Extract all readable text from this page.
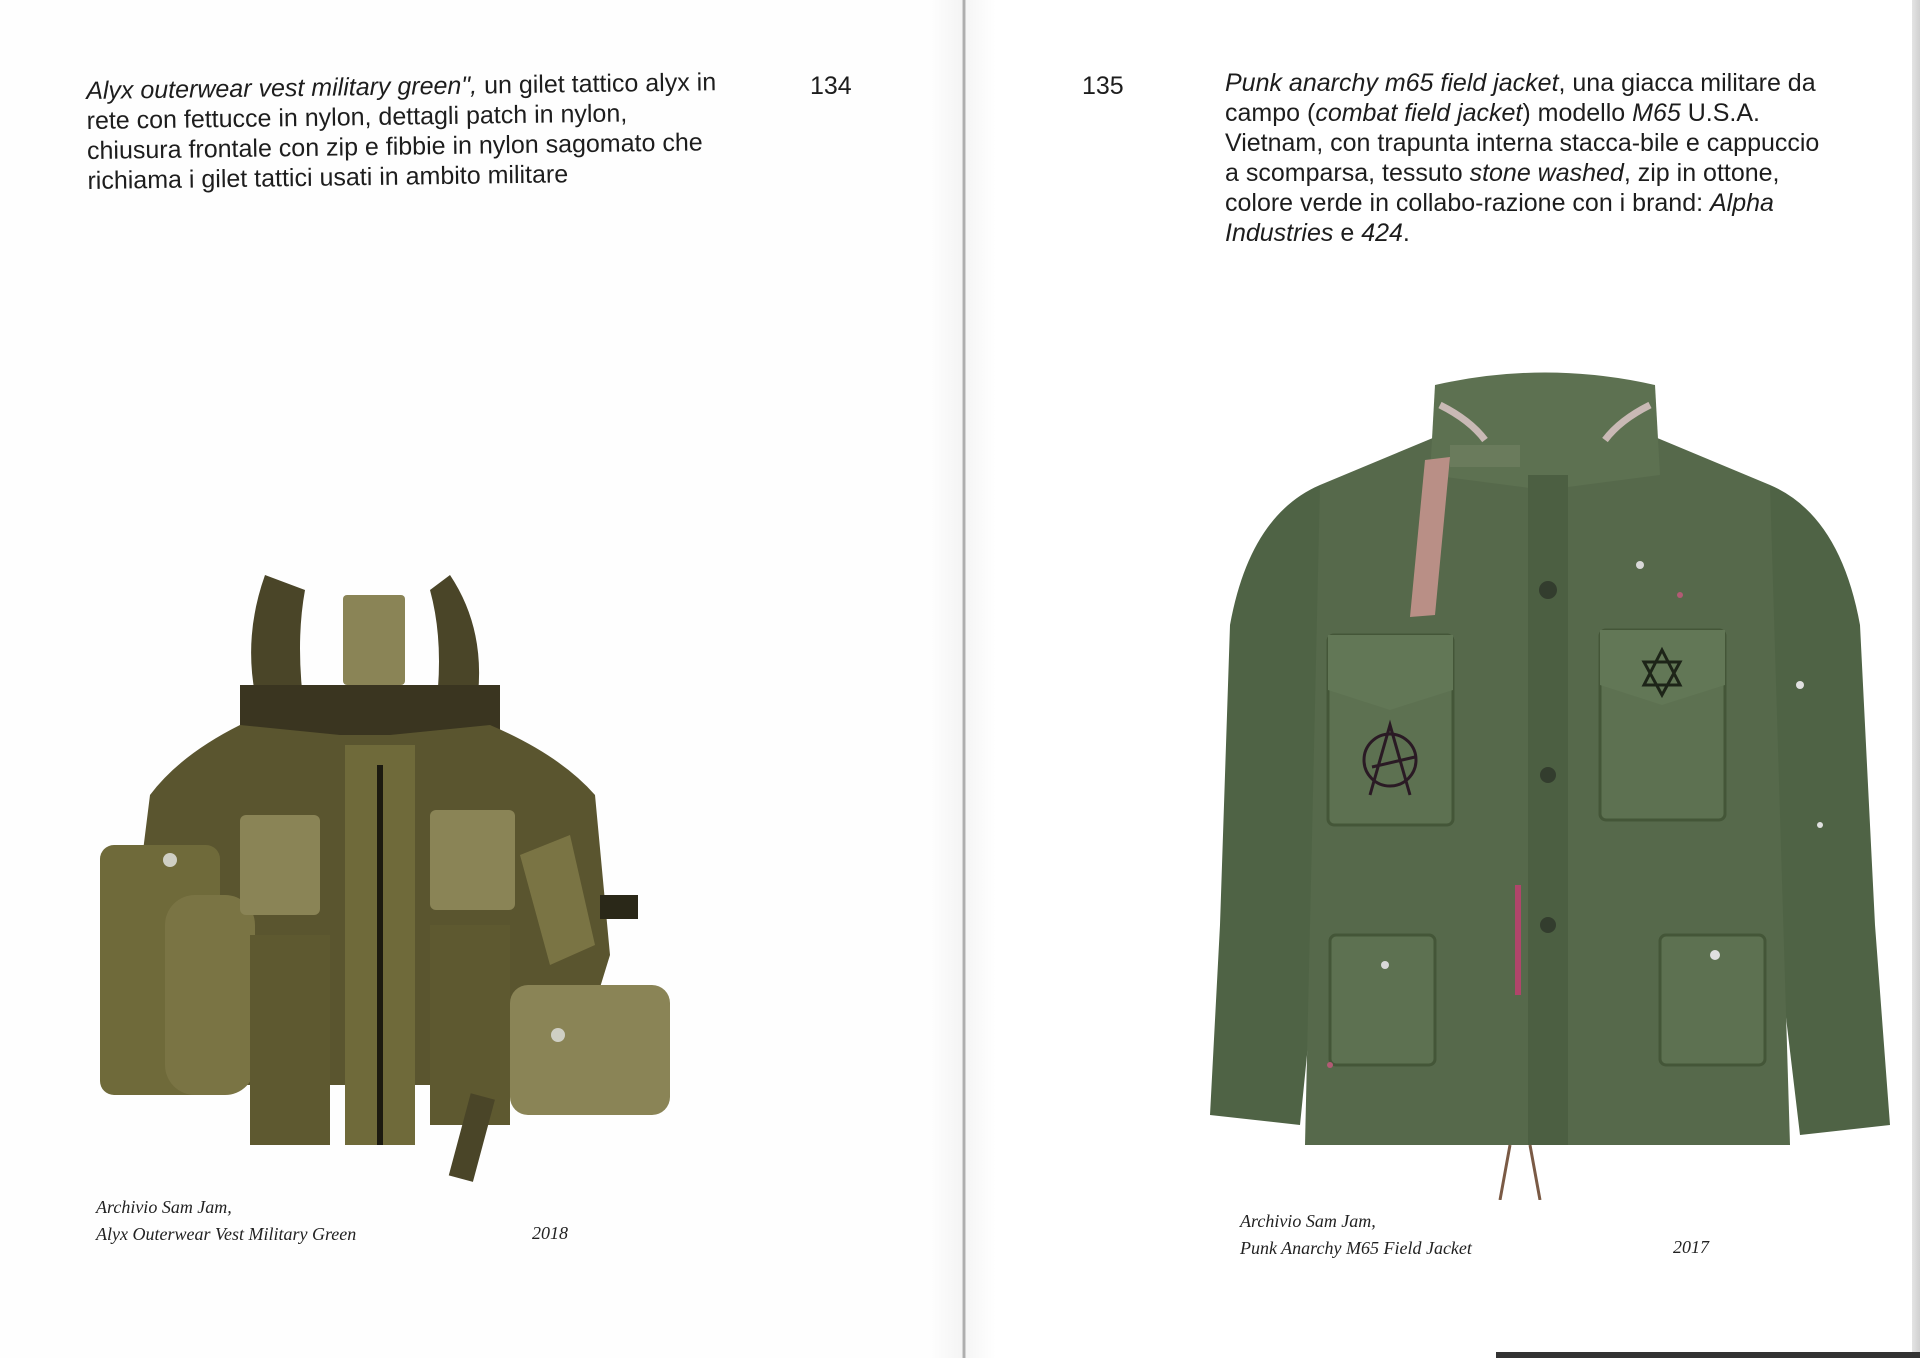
Alyx outerwear vest military green", un gilet tattico alyx in rete con fettucce in nylon, dettagli patch in nylon, chiusura frontale con zip e fibbie in nylon sagomato che richiama i gilet tattici usati in ambito militare

134
Archivio Sam Jam,
Alyx Outerwear Vest Military Green	2018
135	Punk anarchy m65 field jacket, una giacca militare da campo (combat field jacket) modello M65 U.S.A. Vietnam, con trapunta interna stacca-bile e cappuccio a scomparsa, tessuto stone washed, zip in ottone, colore verde in collabo-razione con i brand: Alpha Industries e 424.

Archivio Sam Jam,
Punk Anarchy M65 Field Jacket	2017
